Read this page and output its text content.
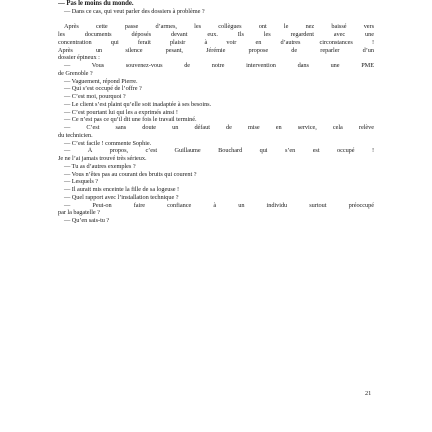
— Pas le moins du monde.
— Dans ce cas, qui veut parler des dossiers à problème ?
Après cette passe d’armes, les collègues ont le nez baissé vers
les documents déposés devant eux. Ils les regardent avec une
concentration qui ferait plaisir à voir en d’autres circonstances !
Après un silence pesant, Jérémie propose de reparler d’un
dossier épineux :
— Vous souvenez-vous de notre intervention dans une PME
de Grenoble ?
— Vaguement, répond Pierre.
— Qui s’est occupé de l’offre ?
— C’est moi, pourquoi ?
— Le client s’est plaint qu’elle soit inadaptée à ses besoins.
— C’est pourtant lui qui les a exprimés ainsi !
— Ce n’est pas ce qu’il dit une fois le travail terminé.
— C’est sans doute un défaut de mise en service, cela relève
du technicien.
— C’est facile ! commente Sophie.
— À propos, c’est Guillaume Bouchard qui s’en est occupé !
Je ne l’ai jamais trouvé très sérieux.
— Tu as d’autres exemples ?
— Vous n’êtes pas au courant des bruits qui courent ?
— Lesquels ?
— Il aurait mis enceinte la fille de sa logeuse !
— Quel rapport avec l’installation technique ?
— Peut-on faire confiance à un individu surtout préoccupé
par la bagatelle ?
— Qu’en sais-tu ?
21
